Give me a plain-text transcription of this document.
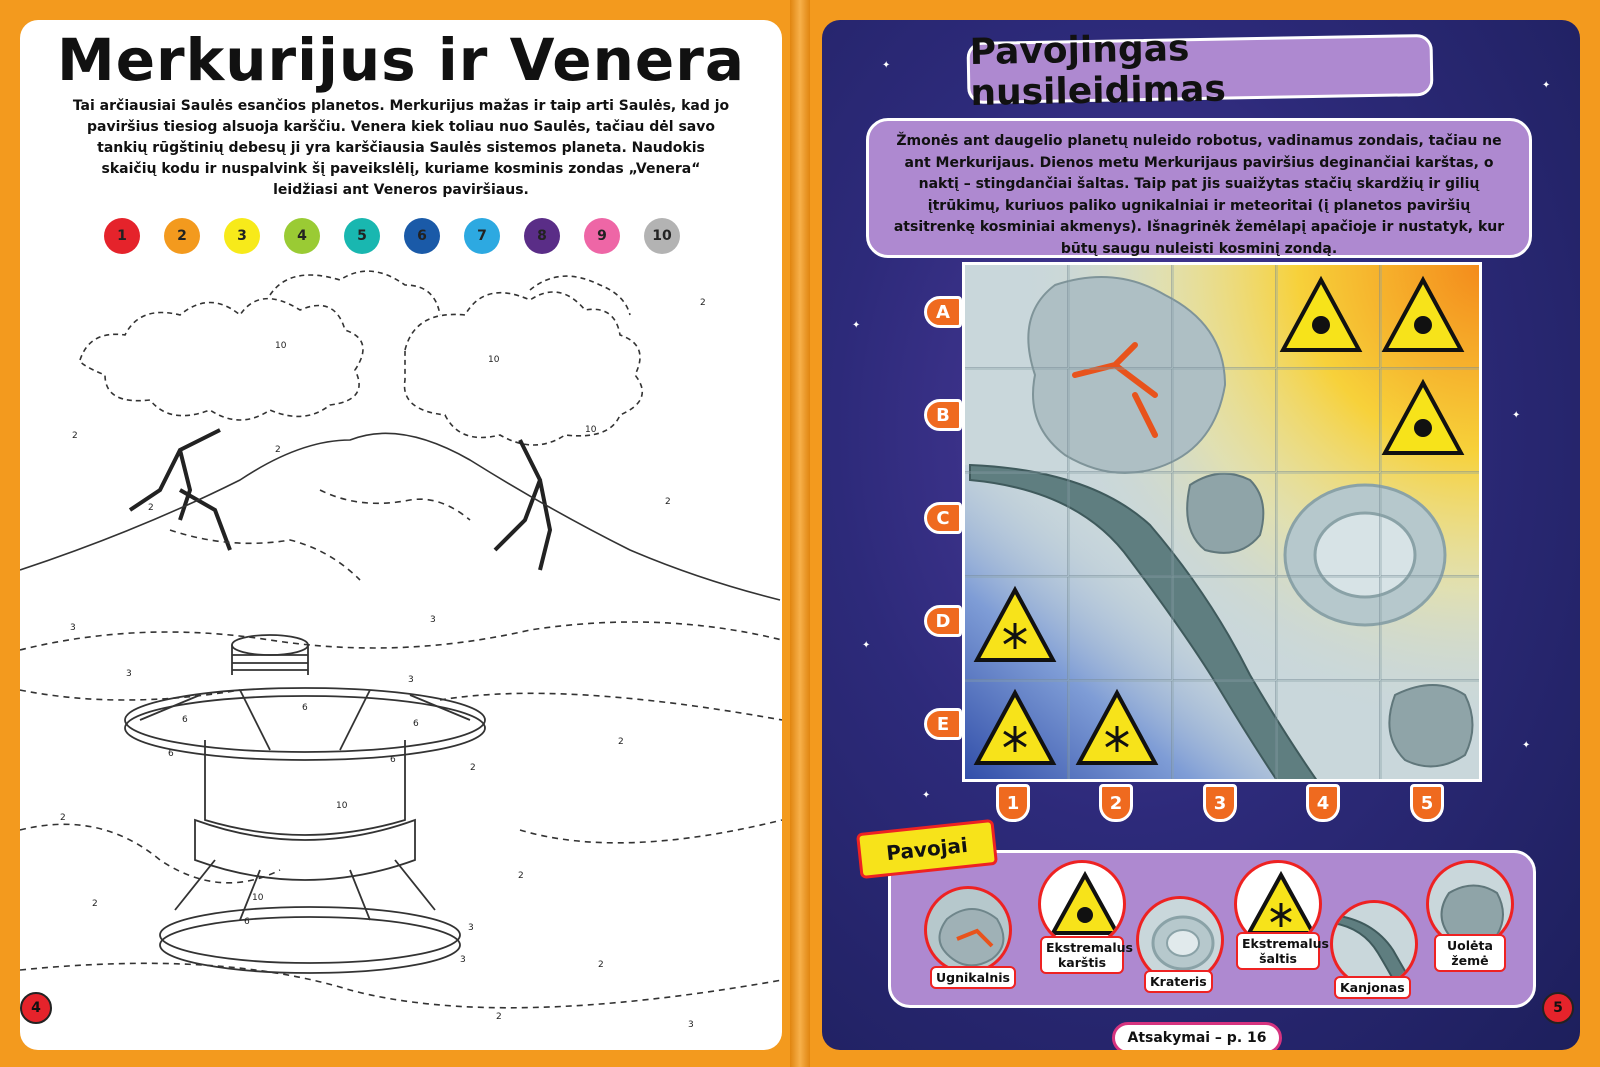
Merkurijus ir Venera
Tai arčiausiai Saulės esančios planetos. Merkurijus mažas ir taip arti Saulės, kad jo paviršius tiesiog alsuoja karščiu. Venera kiek toliau nuo Saulės, tačiau dėl savo tankių rūgštinių debesų ji yra karščiausia Saulės sistemos planeta. Naudokis skaičių kodu ir nuspalvink šį paveikslėlį, kuriame kosminis zondas „Venera“ leidžiasi ant Veneros paviršiaus.
1	2	3	4	5	6	7	8	9	10
2
10
10
10
2
2
2
2
3
3
3
3
6
6	6
6
6
6
10
10
2
2
2
2
2
3
3
3
2
2
4
✦
✦
✦
✦
✦
✦
✦
Pavojingas nusileidimas
Žmonės ant daugelio planetų nuleido robotus, vadinamus zondais, tačiau ne ant Merkurijaus. Dienos metu Merkurijaus paviršius deginančiai karštas, o naktį – stingdančiai šaltas. Taip pat jis suaižytas stačių skardžių ir gilių įtrūkimų, kuriuos paliko ugnikalniai ir meteoritai (į planetos paviršių atsitrenkę kosminiai akmenys). Išnagrinėk žemėlapį apačioje ir nustatyk, kur būtų saugu nuleisti kosminį zondą.
A
B
C
D
E
1	2	3	4	5
Pavojai
Ugnikalnis
Ekstremalus karštis
Krateris
Ekstremalus šaltis
Kanjonas
Uolėta žemė
Atsakymai – p. 16
5
